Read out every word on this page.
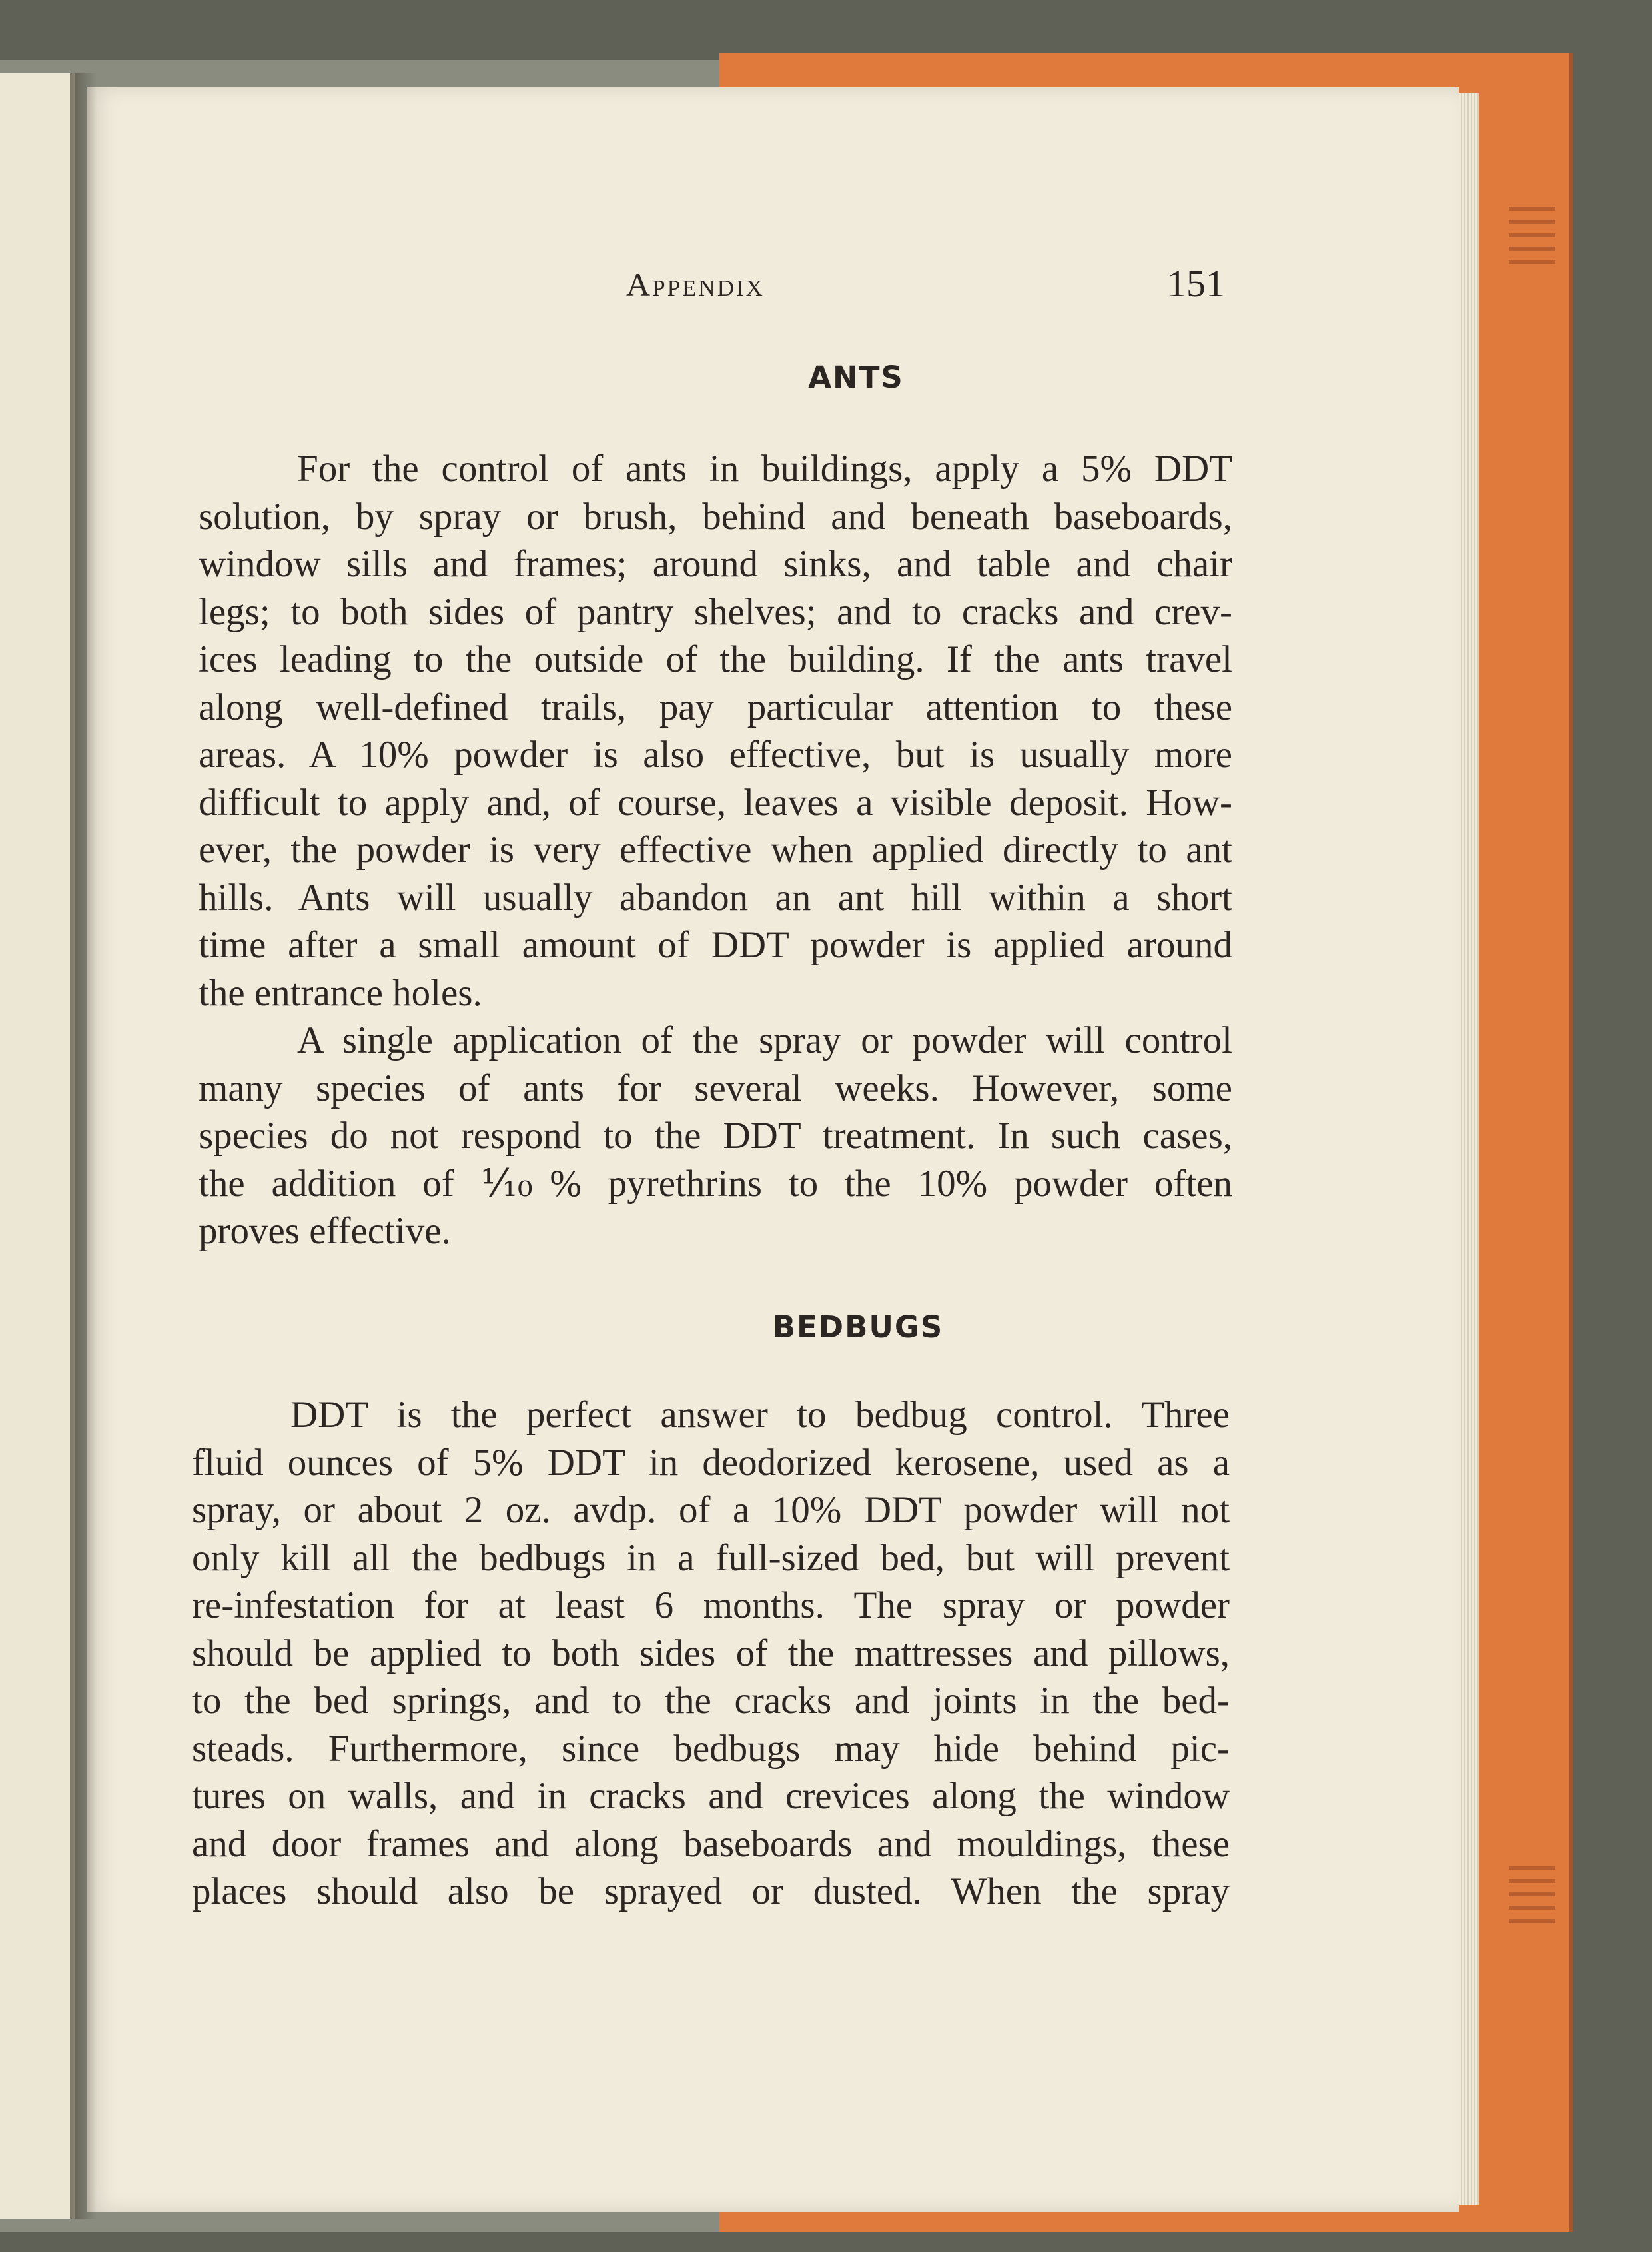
Appendix	151
ANTS
For the control of ants in buildings, apply a 5% DDT
solution, by spray or brush, behind and beneath baseboards,
window sills and frames; around sinks, and table and chair
legs; to both sides of pantry shelves; and to cracks and crev-
ices leading to the outside of the building. If the ants travel
along well-defined trails, pay particular attention to these
areas. A 10% powder is also effective, but is usually more
difficult to apply and, of course, leaves a visible deposit. How-
ever, the powder is very effective when applied directly to ant
hills. Ants will usually abandon an ant hill within a short
time after a small amount of DDT powder is applied around
the entrance holes.
A single application of the spray or powder will control
many species of ants for several weeks. However, some
species do not respond to the DDT treatment. In such cases,
the addition of ⅒% pyrethrins to the 10% powder often
proves effective.
BEDBUGS
DDT is the perfect answer to bedbug control. Three
fluid ounces of 5% DDT in deodorized kerosene, used as a
spray, or about 2 oz. avdp. of a 10% DDT powder will not
only kill all the bedbugs in a full-sized bed, but will prevent
re-infestation for at least 6 months. The spray or powder
should be applied to both sides of the mattresses and pillows,
to the bed springs, and to the cracks and joints in the bed-
steads. Furthermore, since bedbugs may hide behind pic-
tures on walls, and in cracks and crevices along the window
and door frames and along baseboards and mouldings, these
places should also be sprayed or dusted. When the spray
